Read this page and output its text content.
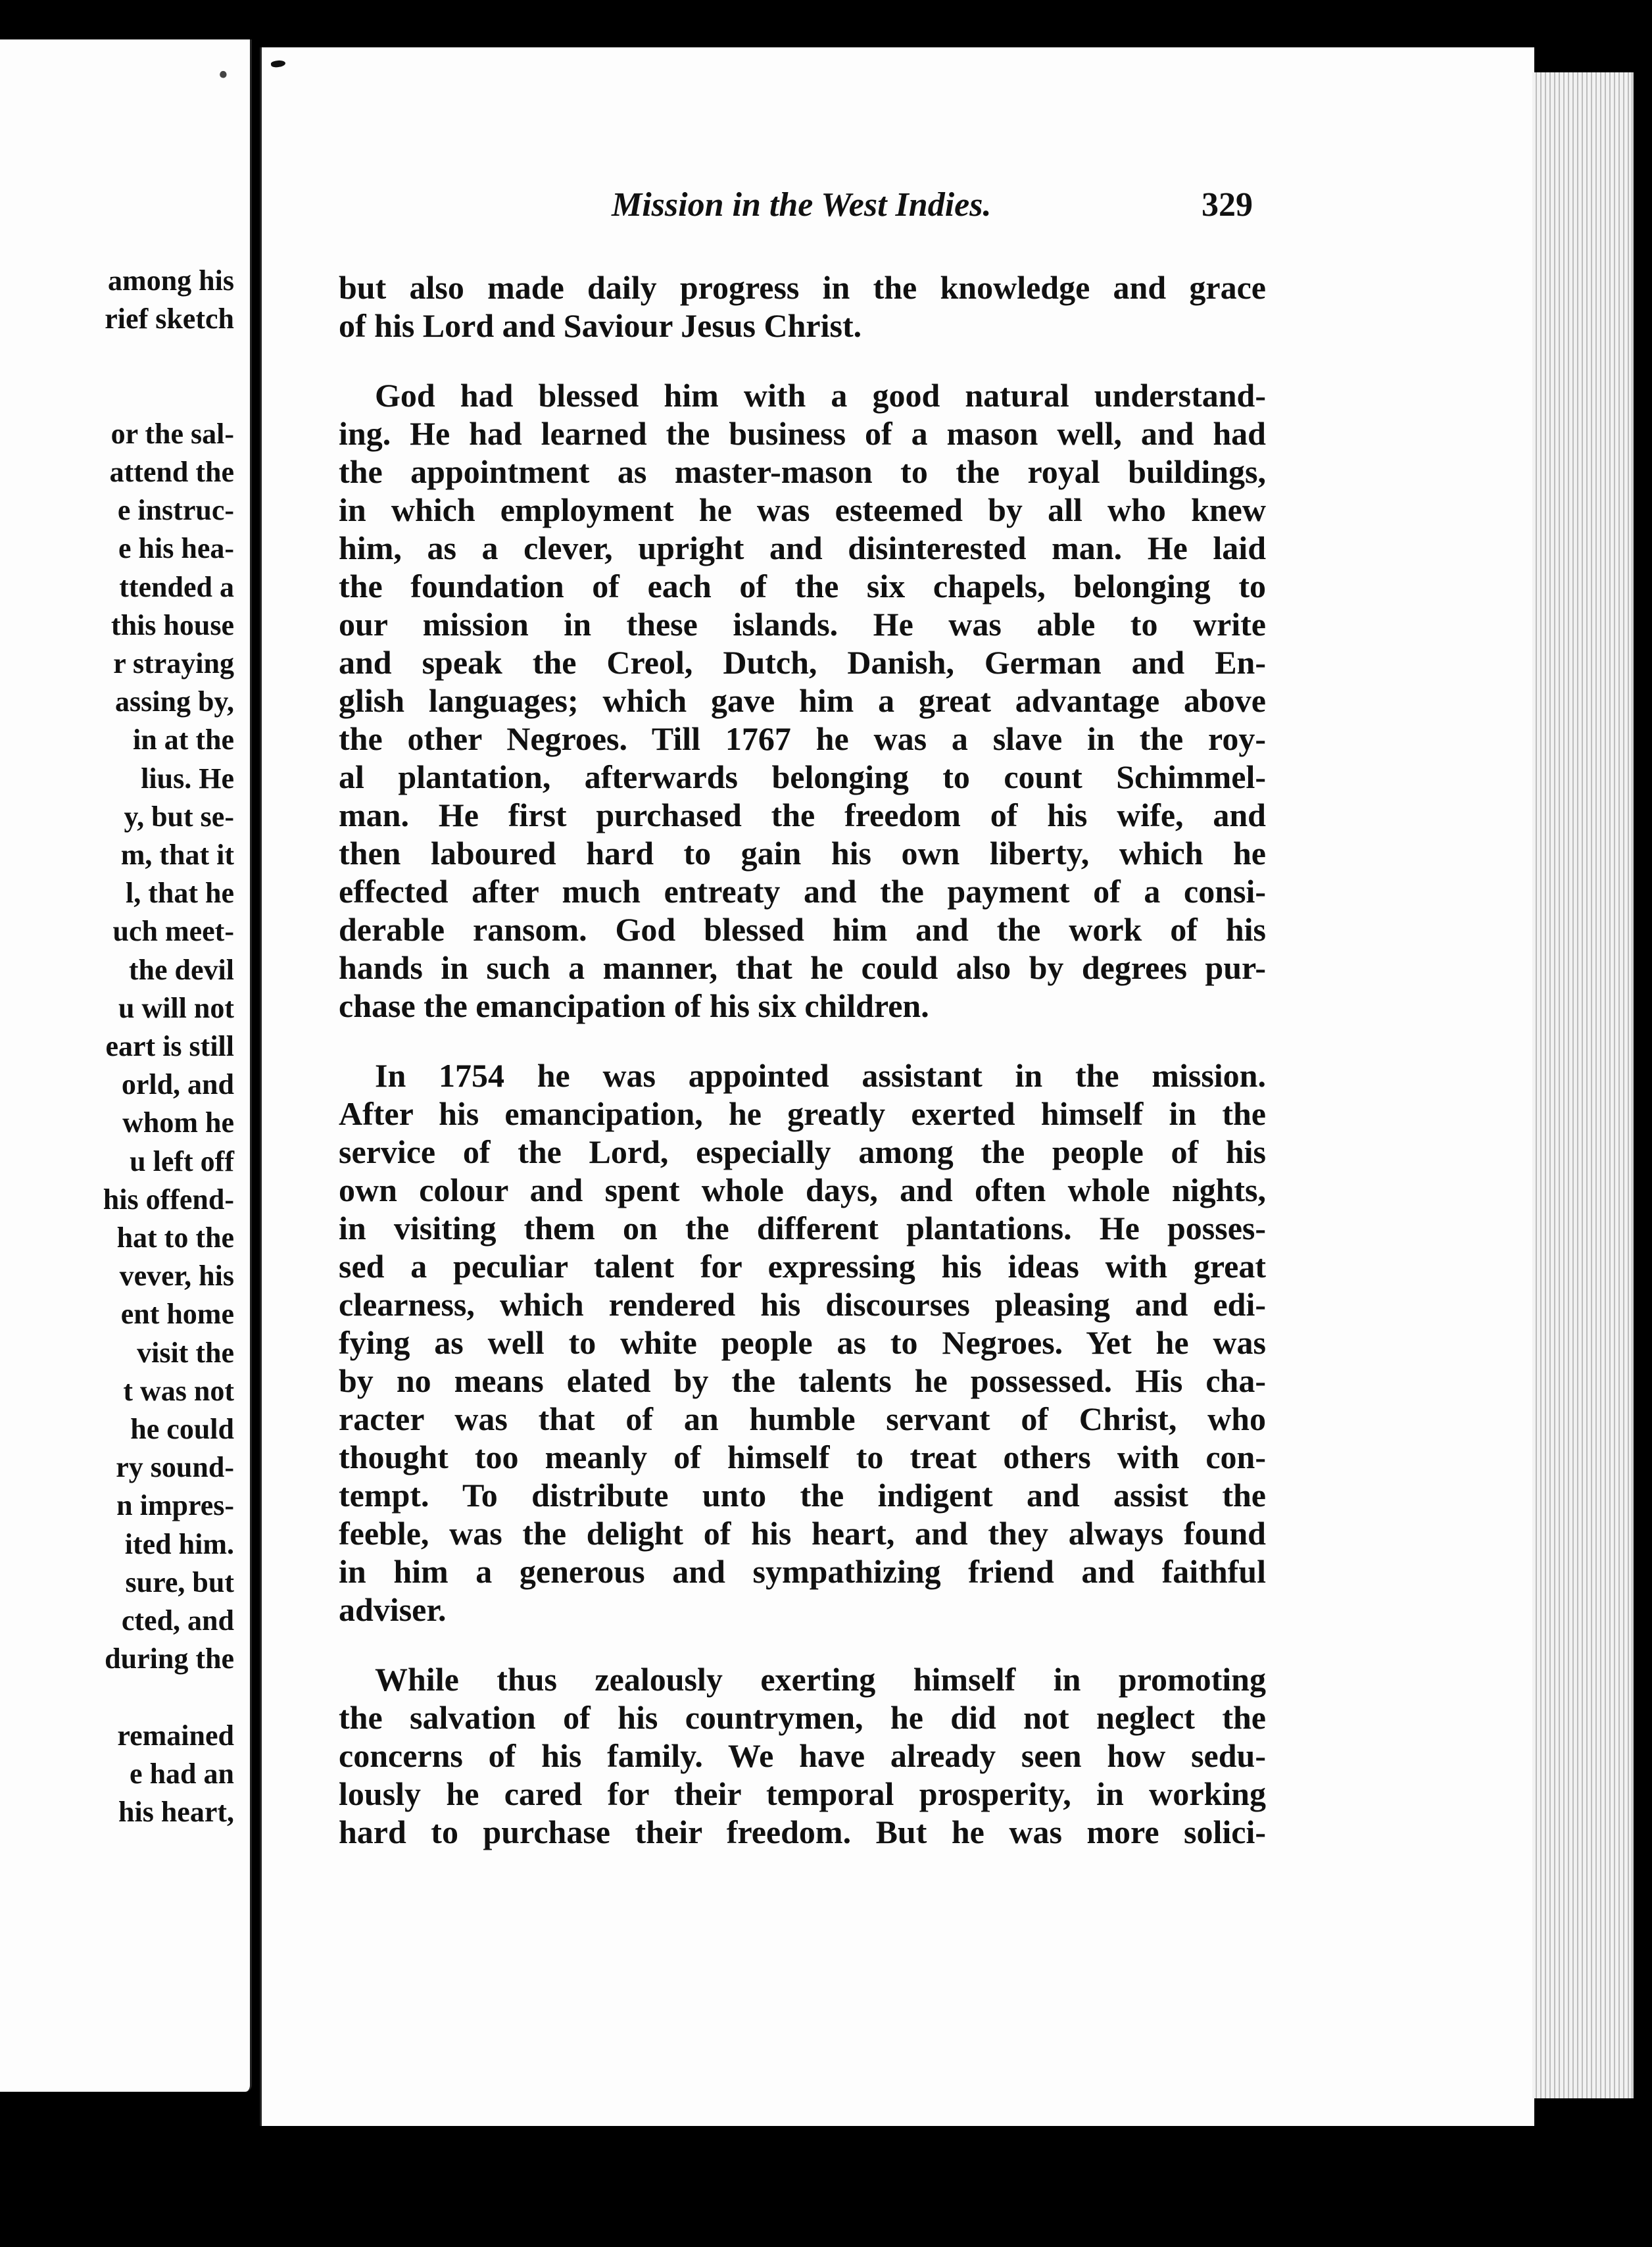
•
among his
rief sketch
or the sal-
attend the
e instruc-
e his hea-
ttended a
this house
r straying
assing by,
in at the
lius. He
y, but se-
m, that it
l, that he
uch meet-
the devil
u will not
eart is still
orld, and
whom he
u left off
his offend-
hat to the
vever, his
ent home
visit the
t was not
he could
ry sound-
n impres-
ited him.
sure, but
cted, and
during the
remained
e had an
his heart,
Mission in the West Indies.	329

but also made daily progress in the knowledge and grace
of his Lord and Saviour Jesus Christ.

God had blessed him with a good natural understand-
ing. He had learned the business of a mason well, and had
the appointment as master-mason to the royal buildings,
in which employment he was esteemed by all who knew
him, as a clever, upright and disinterested man. He laid
the foundation of each of the six chapels, belonging to
our mission in these islands. He was able to write
and speak the Creol, Dutch, Danish, German and En-
glish languages; which gave him a great advantage above
the other Negroes. Till 1767 he was a slave in the roy-
al plantation, afterwards belonging to count Schimmel-
man. He first purchased the freedom of his wife, and
then laboured hard to gain his own liberty, which he
effected after much entreaty and the payment of a consi-
derable ransom. God blessed him and the work of his
hands in such a manner, that he could also by degrees pur-
chase the emancipation of his six children.

In 1754 he was appointed assistant in the mission.
After his emancipation, he greatly exerted himself in the
service of the Lord, especially among the people of his
own colour and spent whole days, and often whole nights,
in visiting them on the different plantations. He posses-
sed a peculiar talent for expressing his ideas with great
clearness, which rendered his discourses pleasing and edi-
fying as well to white people as to Negroes. Yet he was
by no means elated by the talents he possessed. His cha-
racter was that of an humble servant of Christ, who
thought too meanly of himself to treat others with con-
tempt. To distribute unto the indigent and assist the
feeble, was the delight of his heart, and they always found
in him a generous and sympathizing friend and faithful
adviser.

While thus zealously exerting himself in promoting
the salvation of his countrymen, he did not neglect the
concerns of his family. We have already seen how sedu-
lously he cared for their temporal prosperity, in working
hard to purchase their freedom. But he was more solici-
